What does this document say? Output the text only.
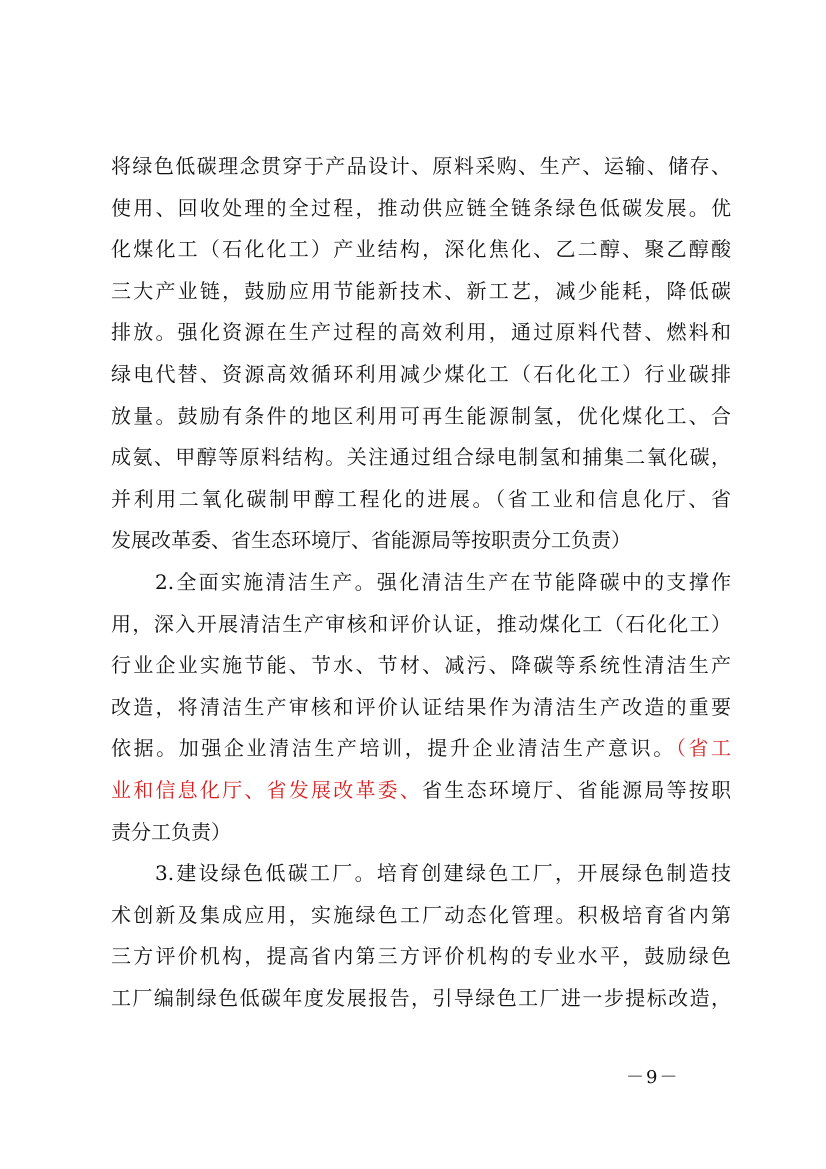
将绿色低碳理念贯穿于产品设计、原料采购、生产、运输、储存、
使用、回收处理的全过程，推动供应链全链条绿色低碳发展。优
化煤化工（石化化工）产业结构，深化焦化、乙二醇、聚乙醇酸
三大产业链，鼓励应用节能新技术、新工艺，减少能耗，降低碳
排放。强化资源在生产过程的高效利用，通过原料代替、燃料和
绿电代替、资源高效循环利用减少煤化工（石化化工）行业碳排
放量。鼓励有条件的地区利用可再生能源制氢，优化煤化工、合
成氨、甲醇等原料结构。关注通过组合绿电制氢和捕集二氧化碳，
并利用二氧化碳制甲醇工程化的进展。（省工业和信息化厅、省
发展改革委、省生态环境厅、省能源局等按职责分工负责）
2.全面实施清洁生产。强化清洁生产在节能降碳中的支撑作
用，深入开展清洁生产审核和评价认证，推动煤化工（石化化工）
行业企业实施节能、节水、节材、减污、降碳等系统性清洁生产
改造，将清洁生产审核和评价认证结果作为清洁生产改造的重要
依据。加强企业清洁生产培训，提升企业清洁生产意识。（省工
业和信息化厅、省发展改革委、省生态环境厅、省能源局等按职
责分工负责）
3.建设绿色低碳工厂。培育创建绿色工厂，开展绿色制造技
术创新及集成应用，实施绿色工厂动态化管理。积极培育省内第
三方评价机构，提高省内第三方评价机构的专业水平，鼓励绿色
工厂编制绿色低碳年度发展报告，引导绿色工厂进一步提标改造，
－9－
